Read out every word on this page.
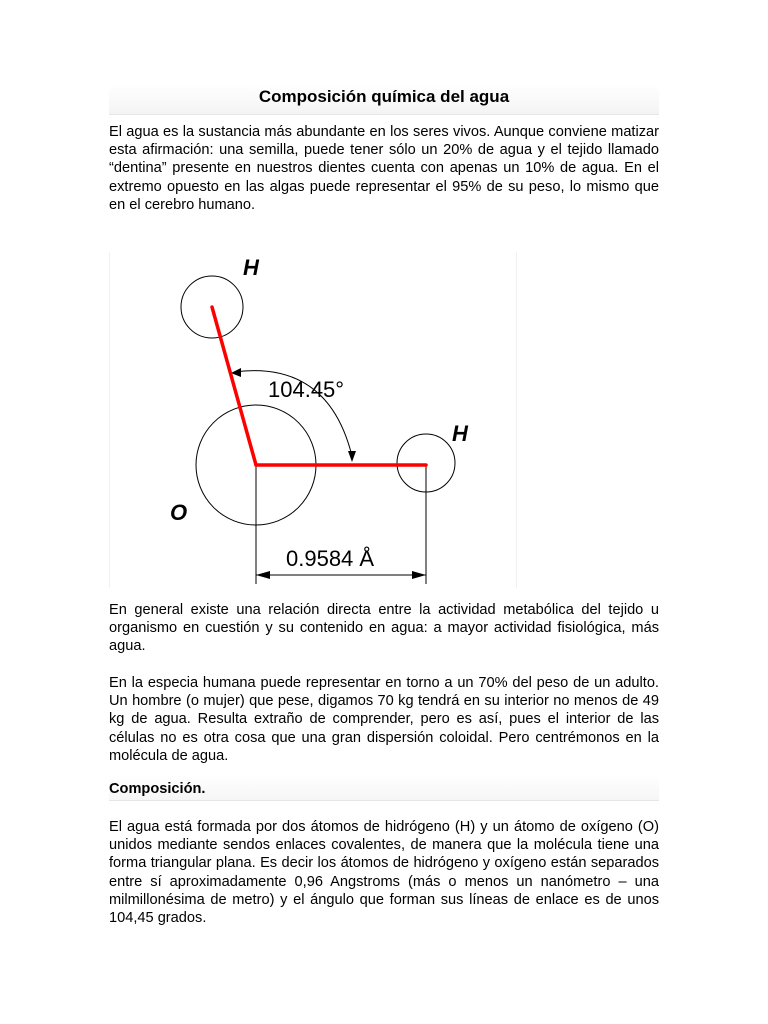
Composición química del agua
El agua es la sustancia más abundante en los seres vivos. Aunque conviene matizar esta afirmación: una semilla, puede tener sólo un 20% de agua y el tejido llamado “dentina” presente en nuestros dientes cuenta con apenas un 10% de agua. En el extremo opuesto en las algas puede representar el 95% de su peso, lo mismo que en el cerebro humano.
H
H
O
104.45°
0.9584 Å
En general existe una relación directa entre la actividad metabólica del tejido u organismo en cuestión y su contenido en agua: a mayor actividad fisiológica, más agua.
En la especia humana puede representar en torno a un 70% del peso de un adulto. Un hombre (o mujer) que pese, digamos 70 kg tendrá en su interior no menos de 49 kg de agua. Resulta extraño de comprender, pero es así, pues el interior de las células no es otra cosa que una gran dispersión coloidal. Pero centrémonos en la molécula de agua.
Composición.
El agua está formada por dos átomos de hidrógeno (H) y un átomo de oxígeno (O) unidos mediante sendos enlaces covalentes, de manera que la molécula tiene una forma triangular plana. Es decir los átomos de hidrógeno y oxígeno están separados entre sí aproximadamente 0,96 Angstroms (más o menos un nanómetro – una milmillonésima de metro) y el ángulo que forman sus líneas de enlace es de unos 104,45 grados.
